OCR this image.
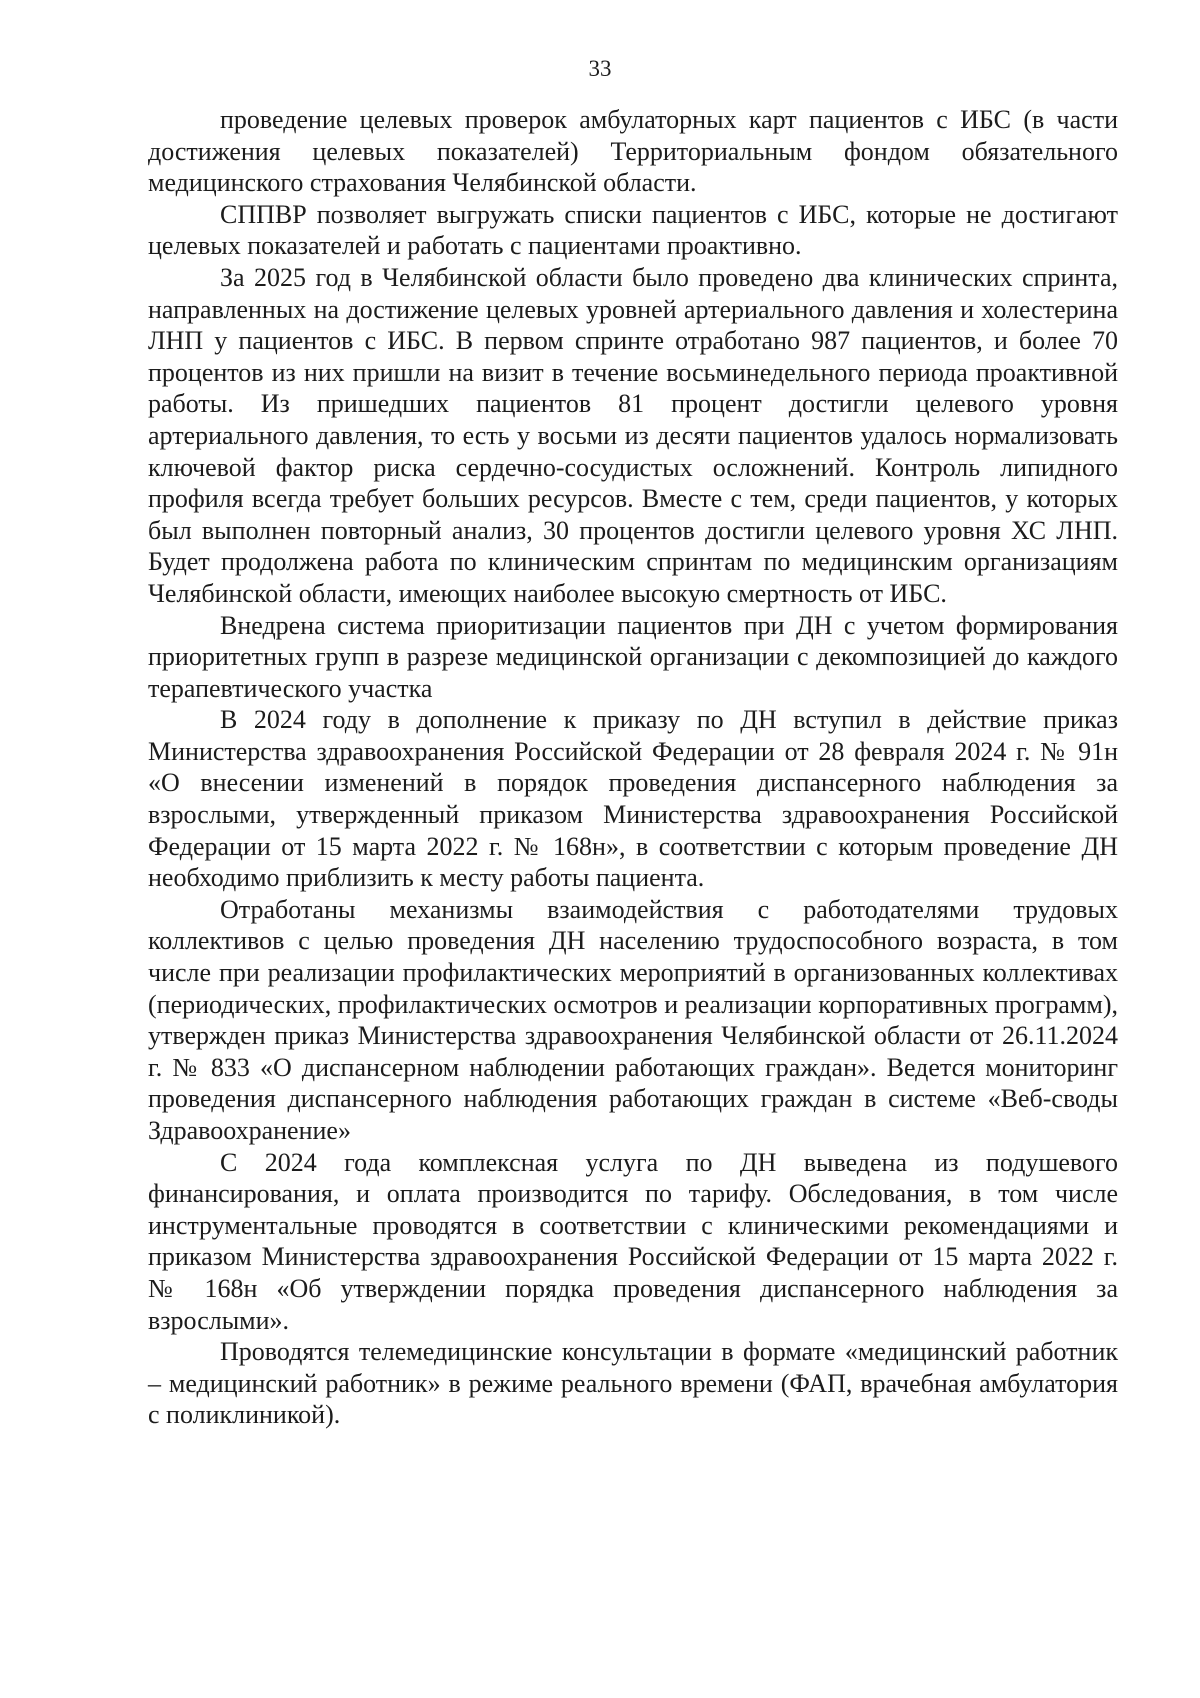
33

проведение целевых проверок амбулаторных карт пациентов с ИБС (в части достижения целевых показателей) Территориальным фондом обязательного медицинского страхования Челябинской области.

СППВР позволяет выгружать списки пациентов с ИБС, которые не достигают целевых показателей и работать с пациентами проактивно.

За 2025 год в Челябинской области было проведено два клинических спринта, направленных на достижение целевых уровней артериального давления и холестерина ЛНП у пациентов с ИБС. В первом спринте отработано 987 пациентов, и более 70 процентов из них пришли на визит в течение восьминедельного периода проактивной работы. Из пришедших пациентов 81 процент достигли целевого уровня артериального давления, то есть у восьми из десяти пациентов удалось нормализовать ключевой фактор риска сердечно-сосудистых осложнений. Контроль липидного профиля всегда требует больших ресурсов. Вместе с тем, среди пациентов, у которых был выполнен повторный анализ, 30 процентов достигли целевого уровня ХС ЛНП. Будет продолжена работа по клиническим спринтам по медицинским организациям Челябинской области, имеющих наиболее высокую смертность от ИБС.

Внедрена система приоритизации пациентов при ДН с учетом формирования приоритетных групп в разрезе медицинской организации с декомпозицией до каждого терапевтического участка

В 2024 году в дополнение к приказу по ДН вступил в действие приказ Министерства здравоохранения Российской Федерации от 28 февраля 2024 г. № 91н «О внесении изменений в порядок проведения диспансерного наблюдения за взрослыми, утвержденный приказом Министерства здравоохранения Российской Федерации от 15 марта 2022 г. № 168н», в соответствии с которым проведение ДН необходимо приблизить к месту работы пациента.

Отработаны механизмы взаимодействия с работодателями трудовых коллективов с целью проведения ДН населению трудоспособного возраста, в том числе при реализации профилактических мероприятий в организованных коллективах (периодических, профилактических осмотров и реализации корпоративных программ), утвержден приказ Министерства здравоохранения Челябинской области от 26.11.2024 г. № 833 «О диспансерном наблюдении работающих граждан». Ведется мониторинг проведения диспансерного наблюдения работающих граждан в системе «Веб-своды Здравоохранение»

С 2024 года комплексная услуга по ДН выведена из подушевого финансирования, и оплата производится по тарифу. Обследования, в том числе инструментальные проводятся в соответствии с клиническими рекомендациями и приказом Министерства здравоохранения Российской Федерации от 15 марта 2022 г. № 168н «Об утверждении порядка проведения диспансерного наблюдения за взрослыми».

Проводятся телемедицинские консультации в формате «медицинский работник – медицинский работник» в режиме реального времени (ФАП, врачебная амбулатория с поликлиникой).
